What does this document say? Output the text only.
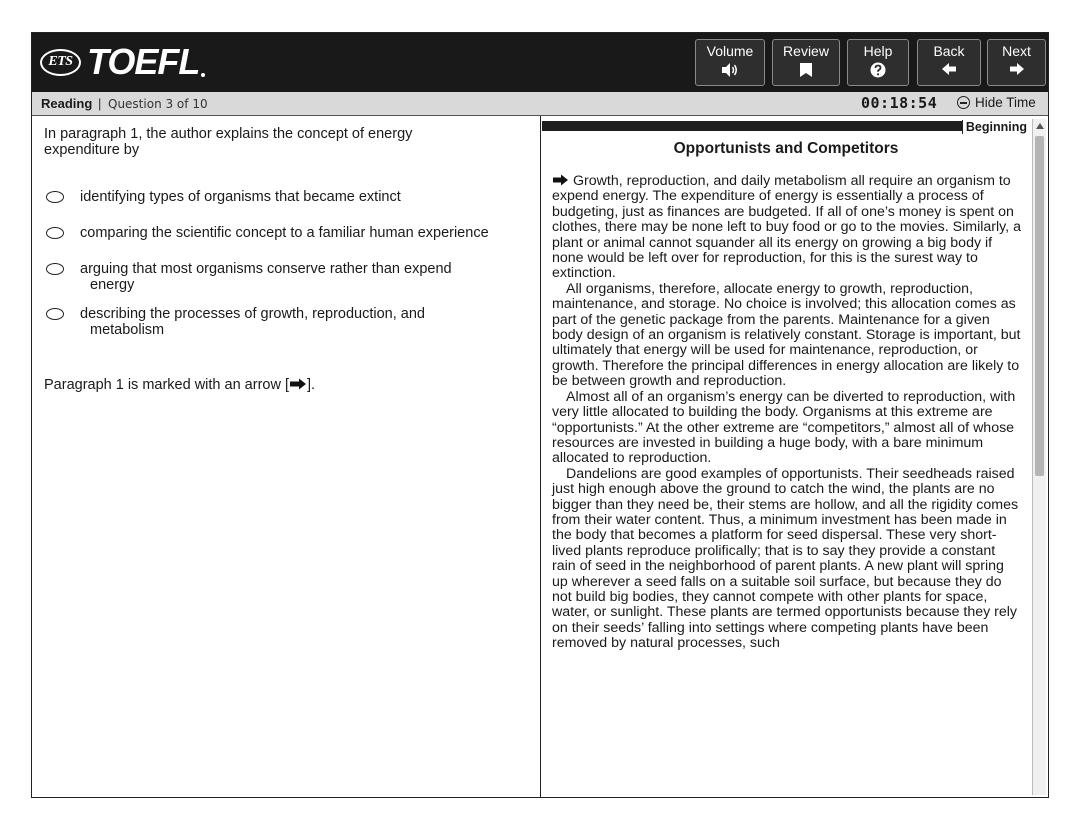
ETS TOEFL	Volume	Review	Help	Back	Next
Reading | Question 3 of 10	00:18:54	Hide Time
In paragraph 1, the author explains the concept of energy expenditure by
identifying types of organisms that became extinct
comparing the scientific concept to a familiar human experience
arguing that most organisms conserve rather than expend energy
describing the processes of growth, reproduction, and metabolism
Paragraph 1 is marked with an arrow [ ].
Beginning
Opportunists and Competitors

Growth, reproduction, and daily metabolism all require an organism to expend energy. The expenditure of energy is essentially a process of budgeting, just as finances are budgeted. If all of one’s money is spent on clothes, there may be none left to buy food or go to the movies. Similarly, a plant or animal cannot squander all its energy on growing a big body if none would be left over for reproduction, for this is the surest way to extinction.

All organisms, therefore, allocate energy to growth, reproduction, maintenance, and storage. No choice is involved; this allocation comes as part of the genetic package from the parents. Maintenance for a given body design of an organism is relatively constant. Storage is important, but ultimately that energy will be used for maintenance, reproduction, or growth. Therefore the principal differences in energy allocation are likely to be between growth and reproduction.

Almost all of an organism’s energy can be diverted to reproduction, with very little allocated to building the body. Organisms at this extreme are “opportunists.” At the other extreme are “competitors,” almost all of whose resources are invested in building a huge body, with a bare minimum allocated to reproduction.

Dandelions are good examples of opportunists. Their seedheads raised just high enough above the ground to catch the wind, the plants are no bigger than they need be, their stems are hollow, and all the rigidity comes from their water content. Thus, a minimum investment has been made in the body that becomes a platform for seed dispersal. These very short-lived plants reproduce prolifically; that is to say they provide a constant rain of seed in the neighborhood of parent plants. A new plant will spring up wherever a seed falls on a suitable soil surface, but because they do not build big bodies, they cannot compete with other plants for space, water, or sunlight. These plants are termed opportunists because they rely on their seeds’ falling into settings where competing plants have been removed by natural processes, such
